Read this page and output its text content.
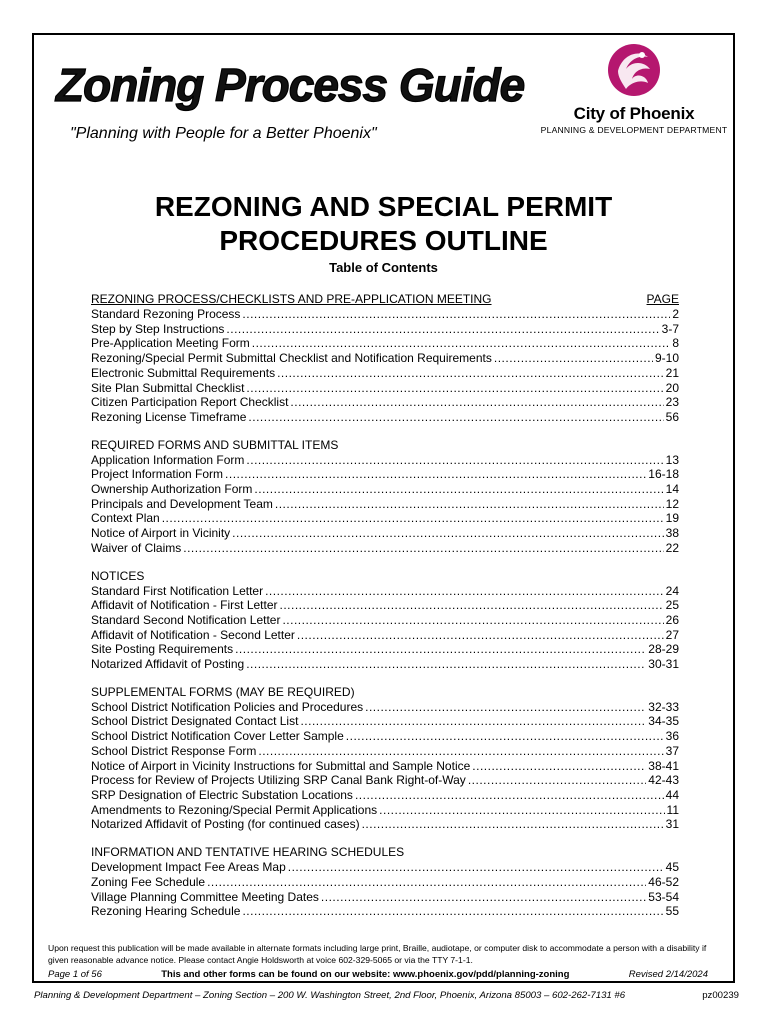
Zoning Process Guide
"Planning with People for a Better Phoenix"
City of Phoenix
PLANNING & DEVELOPMENT DEPARTMENT
REZONING AND SPECIAL PERMIT
PROCEDURES OUTLINE
Table of Contents
REZONING PROCESS/CHECKLISTS AND PRE-APPLICATION MEETING	PAGE
Standard Rezoning Process .....	2
Step by Step Instructions .....	3-7
Pre-Application Meeting Form .....	8
Rezoning/Special Permit Submittal Checklist and Notification Requirements .....	9-10
Electronic Submittal Requirements .....	21
Site Plan Submittal Checklist .....	20
Citizen Participation Report Checklist .....	23
Rezoning License Timeframe .....	56
REQUIRED FORMS AND SUBMITTAL ITEMS
Application Information Form .....	13
Project Information Form .....	16-18
Ownership Authorization Form .....	14
Principals and Development Team .....	12
Context Plan .....	19
Notice of Airport in Vicinity .....	38
Waiver of Claims .....	22
NOTICES
Standard First Notification Letter .....	24
Affidavit of Notification - First Letter .....	25
Standard Second Notification Letter .....	26
Affidavit of Notification - Second Letter .....	27
Site Posting Requirements .....	28-29
Notarized Affidavit of Posting .....	30-31
SUPPLEMENTAL FORMS (MAY BE REQUIRED)
School District Notification Policies and Procedures .....	32-33
School District Designated Contact List .....	34-35
School District Notification Cover Letter Sample .....	36
School District Response Form .....	37
Notice of Airport in Vicinity Instructions for Submittal and Sample Notice .....	38-41
Process for Review of Projects Utilizing SRP Canal Bank Right-of-Way .....	42-43
SRP Designation of Electric Substation Locations .....	44
Amendments to Rezoning/Special Permit Applications .....	11
Notarized Affidavit of Posting (for continued cases) .....	31
INFORMATION AND TENTATIVE HEARING SCHEDULES
Development Impact Fee Areas Map .....	45
Zoning Fee Schedule .....	46-52
Village Planning Committee Meeting Dates .....	53-54
Rezoning Hearing Schedule .....	55
Upon request this publication will be made available in alternate formats including large print, Braille, audiotape, or computer disk to accommodate a person with a disability if given reasonable advance notice. Please contact Angie Holdsworth at voice 602-329-5065 or via the TTY 7-1-1.
Page 1 of 56	This and other forms can be found on our website: www.phoenix.gov/pdd/planning-zoning	Revised 2/14/2024
Planning & Development Department – Zoning Section – 200 W. Washington Street, 2nd Floor, Phoenix, Arizona 85003 – 602-262-7131 #6	pz00239
